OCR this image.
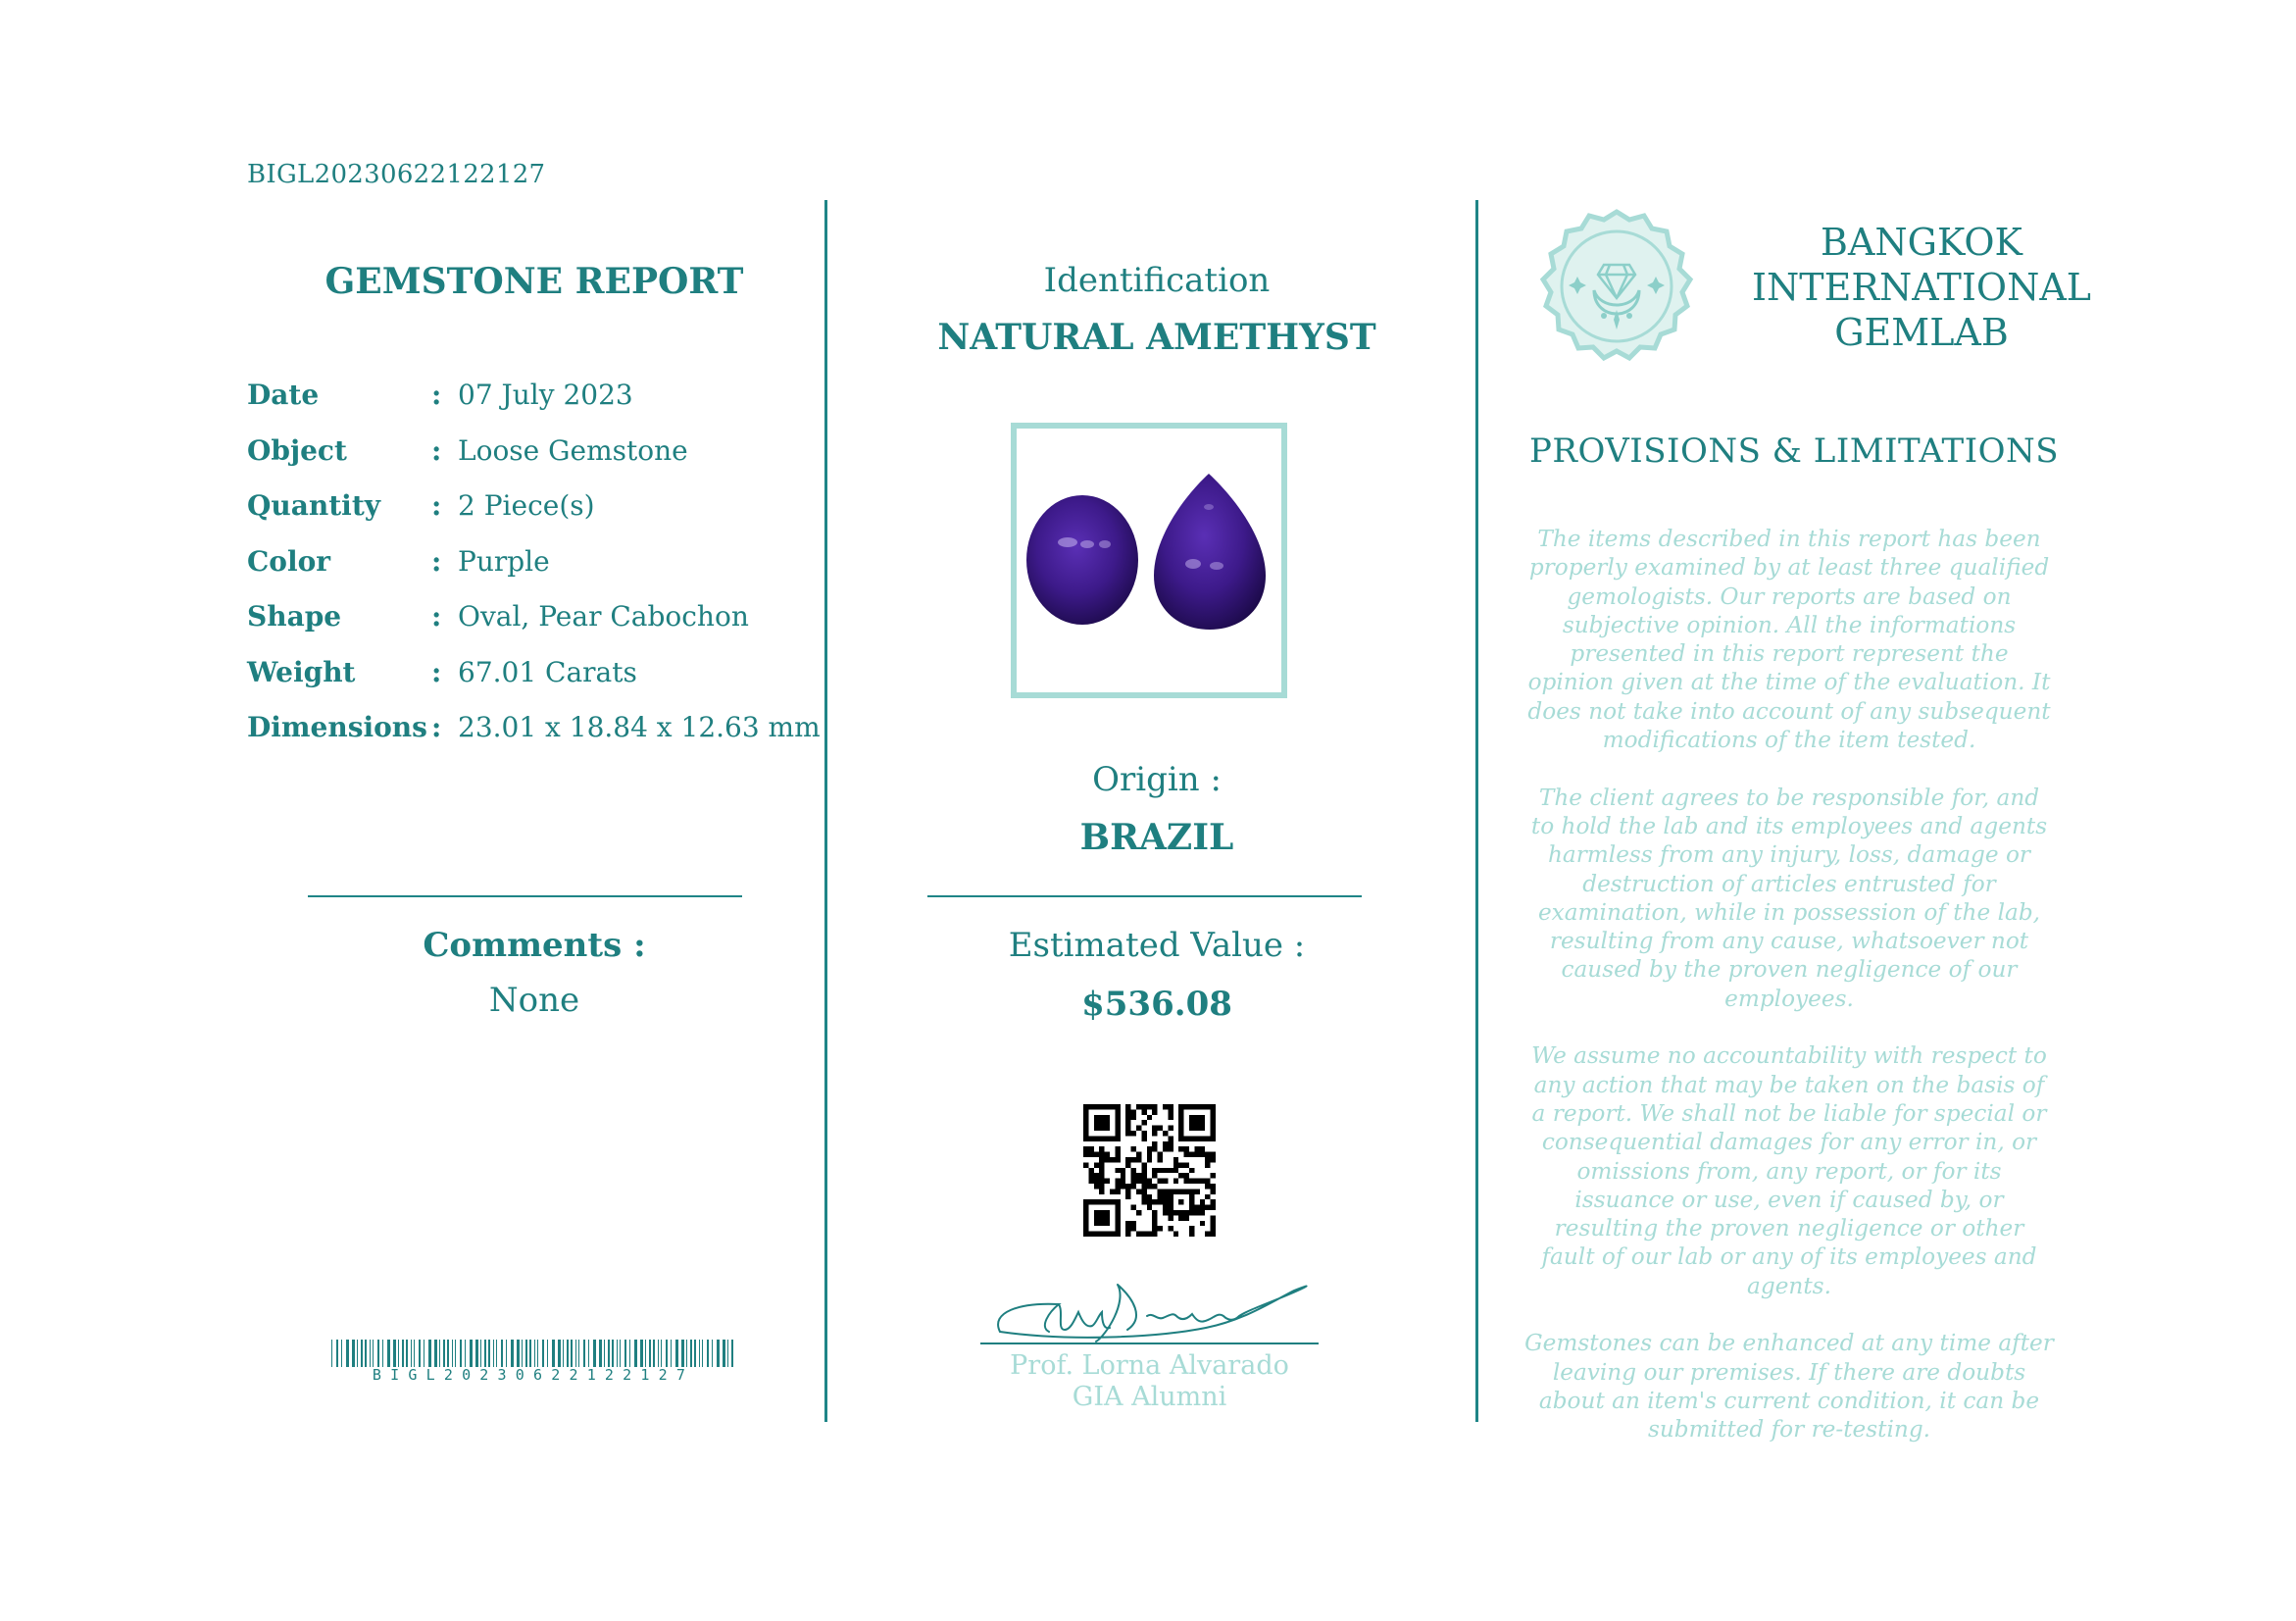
BIGL20230622122127
GEMSTONE REPORT
Date	: 07 July 2023
Object	: Loose Gemstone
Quantity : 2 Piece(s)
Color	: Purple
Shape	: Oval, Pear Cabochon
Weight	: 67.01 Carats
Dimensions : 23.01 x 18.84 x 12.63 mm
Comments :
None
BIGL20230622122127
Identification
NATURAL AMETHYST
Origin :
BRAZIL
Estimated Value :
$536.08
Prof. Lorna Alvarado
GIA Alumni
BANGKOK
INTERNATIONAL
GEMLAB
PROVISIONS & LIMITATIONS

The items described in this report has been properly examined by at least three qualified gemologists. Our reports are based on subjective opinion. All the informations presented in this report represent the opinion given at the time of the evaluation. It does not take into account of any subsequent modifications of the item tested.

The client agrees to be responsible for, and to hold the lab and its employees and agents harmless from any injury, loss, damage or destruction of articles entrusted for examination, while in possession of the lab, resulting from any cause, whatsoever not caused by the proven negligence of our employees.

We assume no accountability with respect to any action that may be taken on the basis of a report. We shall not be liable for special or consequential damages for any error in, or omissions from, any report, or for its issuance or use, even if caused by, or resulting the proven negligence or other fault of our lab or any of its employees and agents.

Gemstones can be enhanced at any time after leaving our premises. If there are doubts about an item's current condition, it can be submitted for re-testing.
